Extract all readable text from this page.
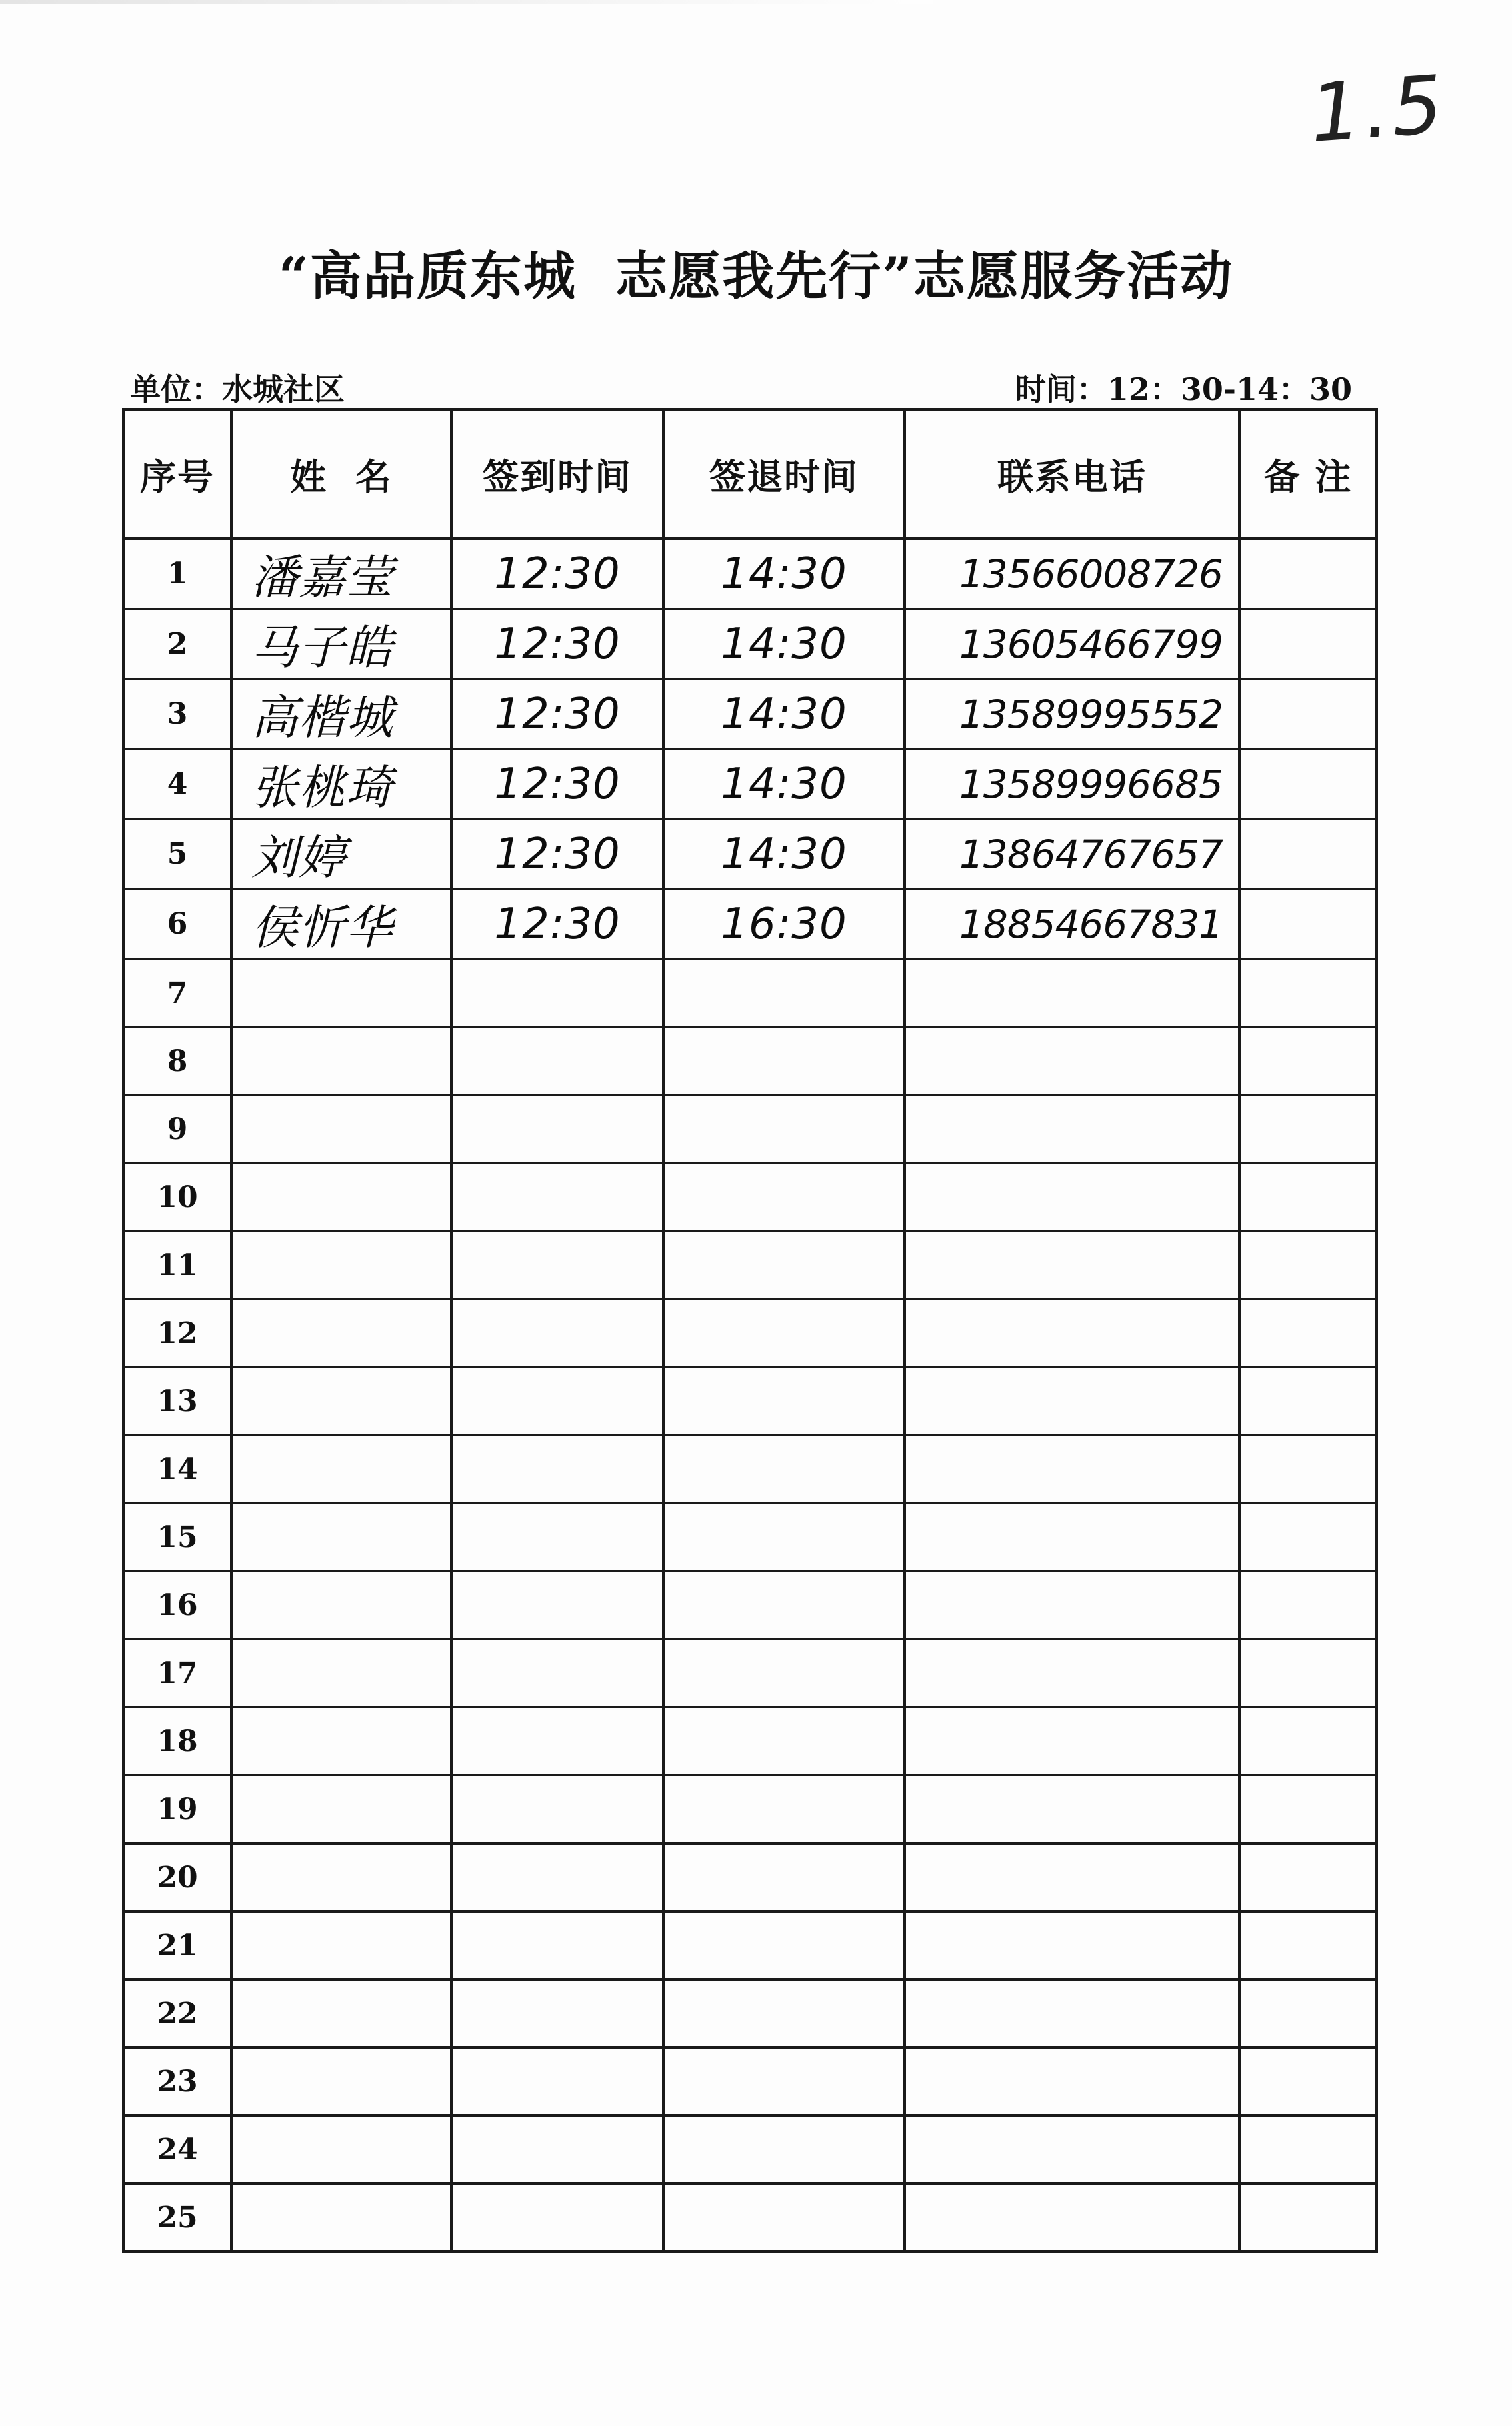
1.5
“高品质东城  志愿我先行”志愿服务活动
单位：水城社区	时间：12：30-14：30
序号	姓  名	签到时间	签退时间	联系电话	备 注
1	潘嘉莹	12:30	14:30	13566008726	
2	马子皓	12:30	14:30	13605466799	
3	高楷城	12:30	14:30	13589995552	
4	张桃琦	12:30	14:30	13589996685	
5	刘婷	12:30	14:30	13864767657	
6	侯忻华	12:30	16:30	18854667831	
7					
8					
9					
10					
11					
12					
13					
14					
15					
16					
17					
18					
19					
20					
21					
22					
23					
24					
25					
